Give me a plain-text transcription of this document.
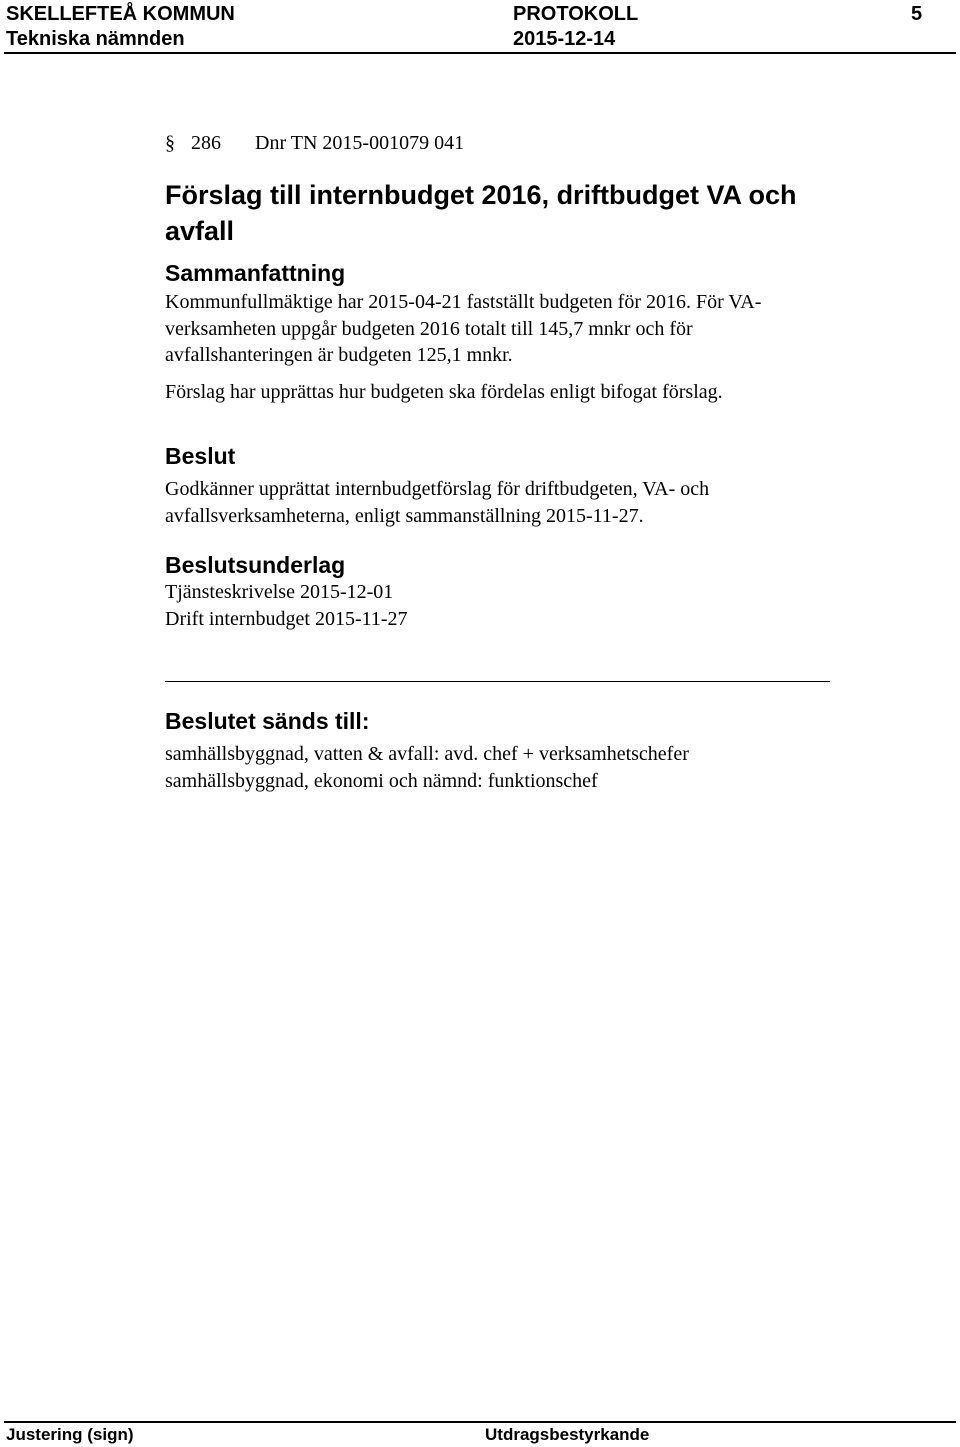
SKELLEFTEÅ KOMMUN
Tekniska nämnden
PROTOKOLL
2015-12-14
5
§ 286 Dnr TN 2015-001079 041
Förslag till internbudget 2016, driftbudget VA och avfall
Sammanfattning

Kommunfullmäktige har 2015-04-21 fastställt budgeten för 2016. För VA-verksamheten uppgår budgeten 2016 totalt till 145,7 mnkr och för avfallshanteringen är budgeten 125,1 mnkr.

Förslag har upprättas hur budgeten ska fördelas enligt bifogat förslag.

Beslut
Godkänner upprättat internbudgetförslag för driftbudgeten, VA- och avfallsverksamheterna, enligt sammanställning 2015-11-27.
Beslutsunderlag

Tjänsteskrivelse 2015-12-01

Drift internbudget 2015-11-27

Beslutet sänds till:

samhällsbyggnad, vatten & avfall: avd. chef + verksamhetschefer

samhällsbyggnad, ekonomi och nämnd: funktionschef

Justering (sign)	Utdragsbestyrkande
